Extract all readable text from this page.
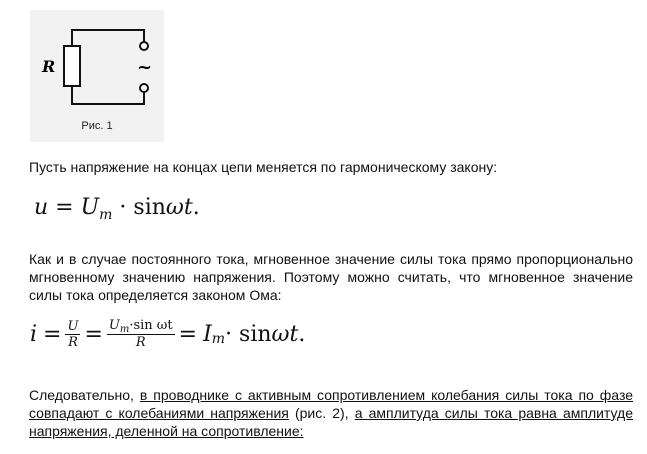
R	~
Рис. 1
Пусть напряжение на концах цепи меняется по гармоническому закону:
$u = U_m \cdot \sin\omega t$.
Как и в случае постоянного тока, мгновенное значение силы тока прямо пропорционально мгновенному значению напряжения. Поэтому можно считать, что мгновенное значение силы тока определяется законом Ома:
$i = \frac{U}{R} = \frac{U_m\cdot\sin \omega t}{R} = I$ m · sin ωt .
Следовательно, в проводнике с активным сопротивлением колебания силы тока по фазе совпадают с колебаниями напряжения (рис. 2), а амплитуда силы тока равна амплитуде напряжения, деленной на сопротивление:
